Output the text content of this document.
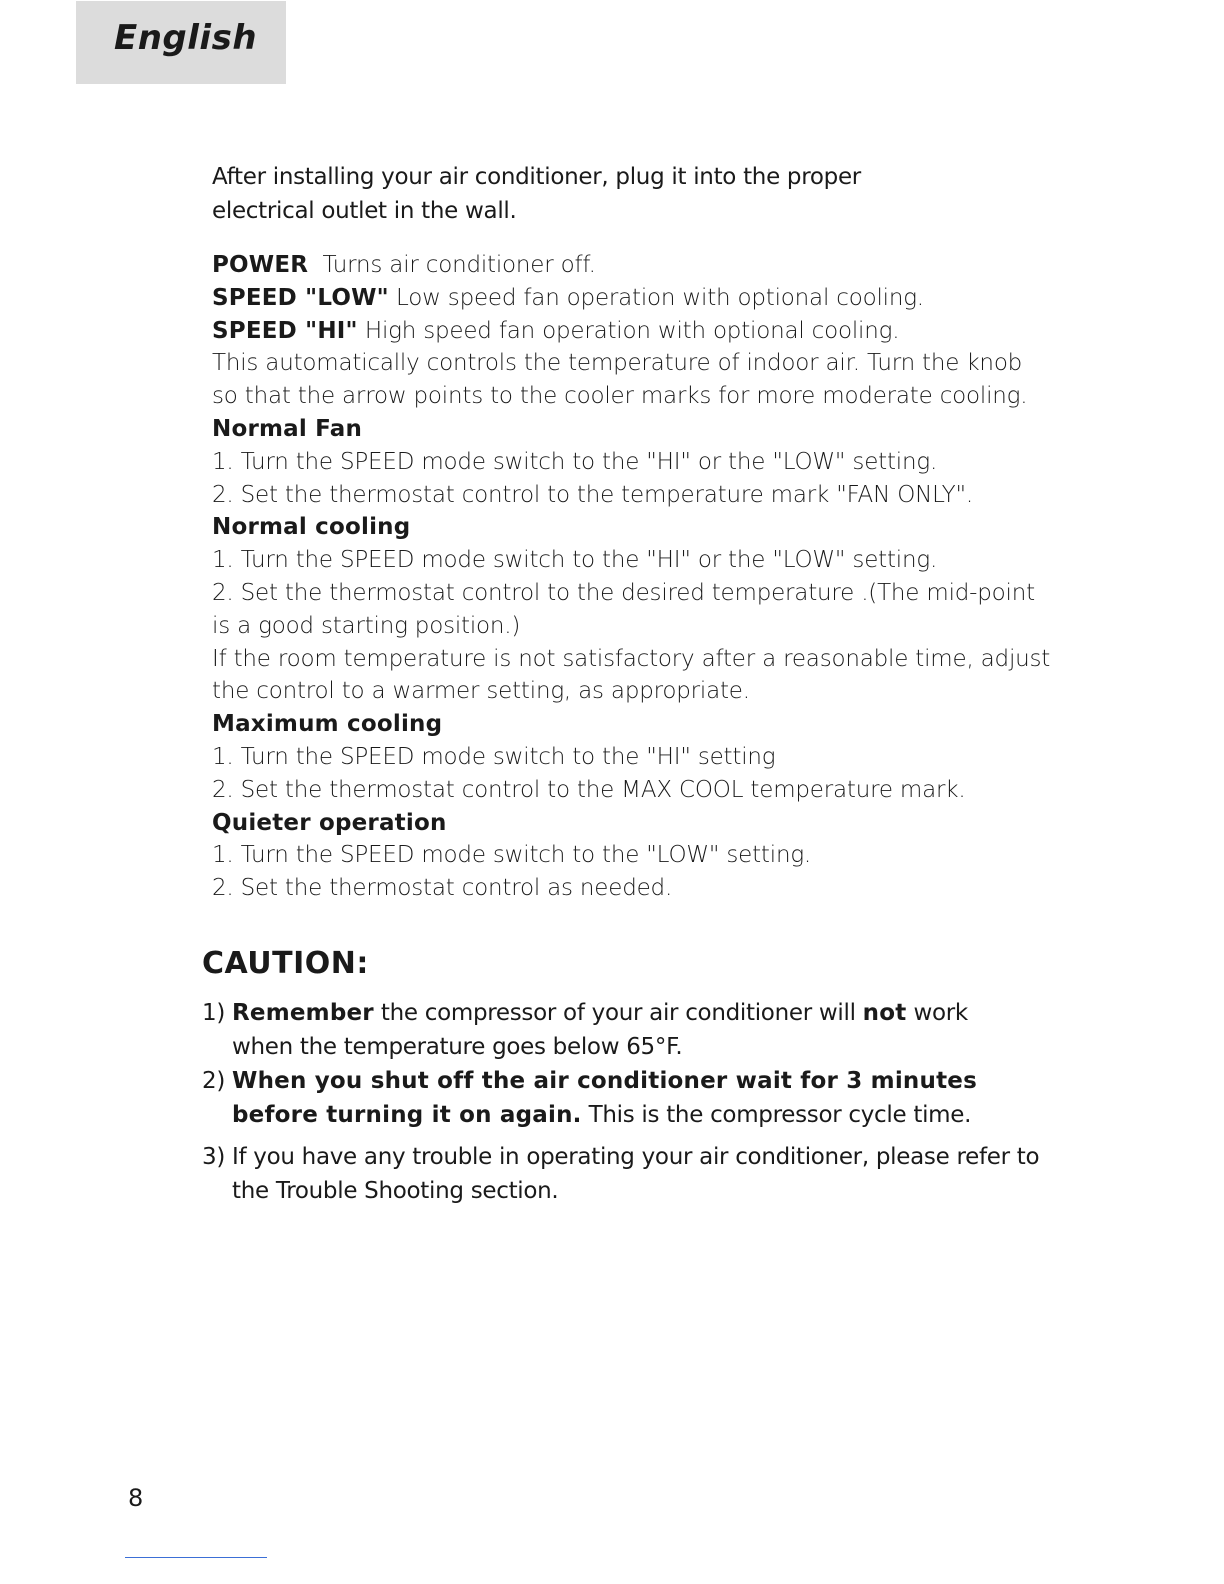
English
After installing your air conditioner, plug it into the proper
electrical outlet in the wall.
POWER Turns air conditioner off.
SPEED "LOW" Low speed fan operation with optional cooling.
SPEED "HI" High speed fan operation with optional cooling.
This automatically controls the temperature of indoor air. Turn the knob
so that the arrow points to the cooler marks for more moderate cooling.
Normal Fan
1. Turn the SPEED mode switch to the "HI" or the "LOW" setting.
2. Set the thermostat control to the temperature mark "FAN ONLY".
Normal cooling
1. Turn the SPEED mode switch to the "HI" or the "LOW" setting.
2. Set the thermostat control to the desired temperature .(The mid-point
is a good starting position.)
If the room temperature is not satisfactory after a reasonable time, adjust
the control to a warmer setting, as appropriate.
Maximum cooling
1. Turn the SPEED mode switch to the "HI" setting
2. Set the thermostat control to the MAX COOL temperature mark.
Quieter operation
1. Turn the SPEED mode switch to the "LOW" setting.
2. Set the thermostat control as needed.
CAUTION:
1) Remember the compressor of your air conditioner will not work
when the temperature goes below 65°F.
2) When you shut off the air conditioner wait for 3 minutes
before turning it on again. This is the compressor cycle time.
3) If you have any trouble in operating your air conditioner, please refer to
the Trouble Shooting section.
8
